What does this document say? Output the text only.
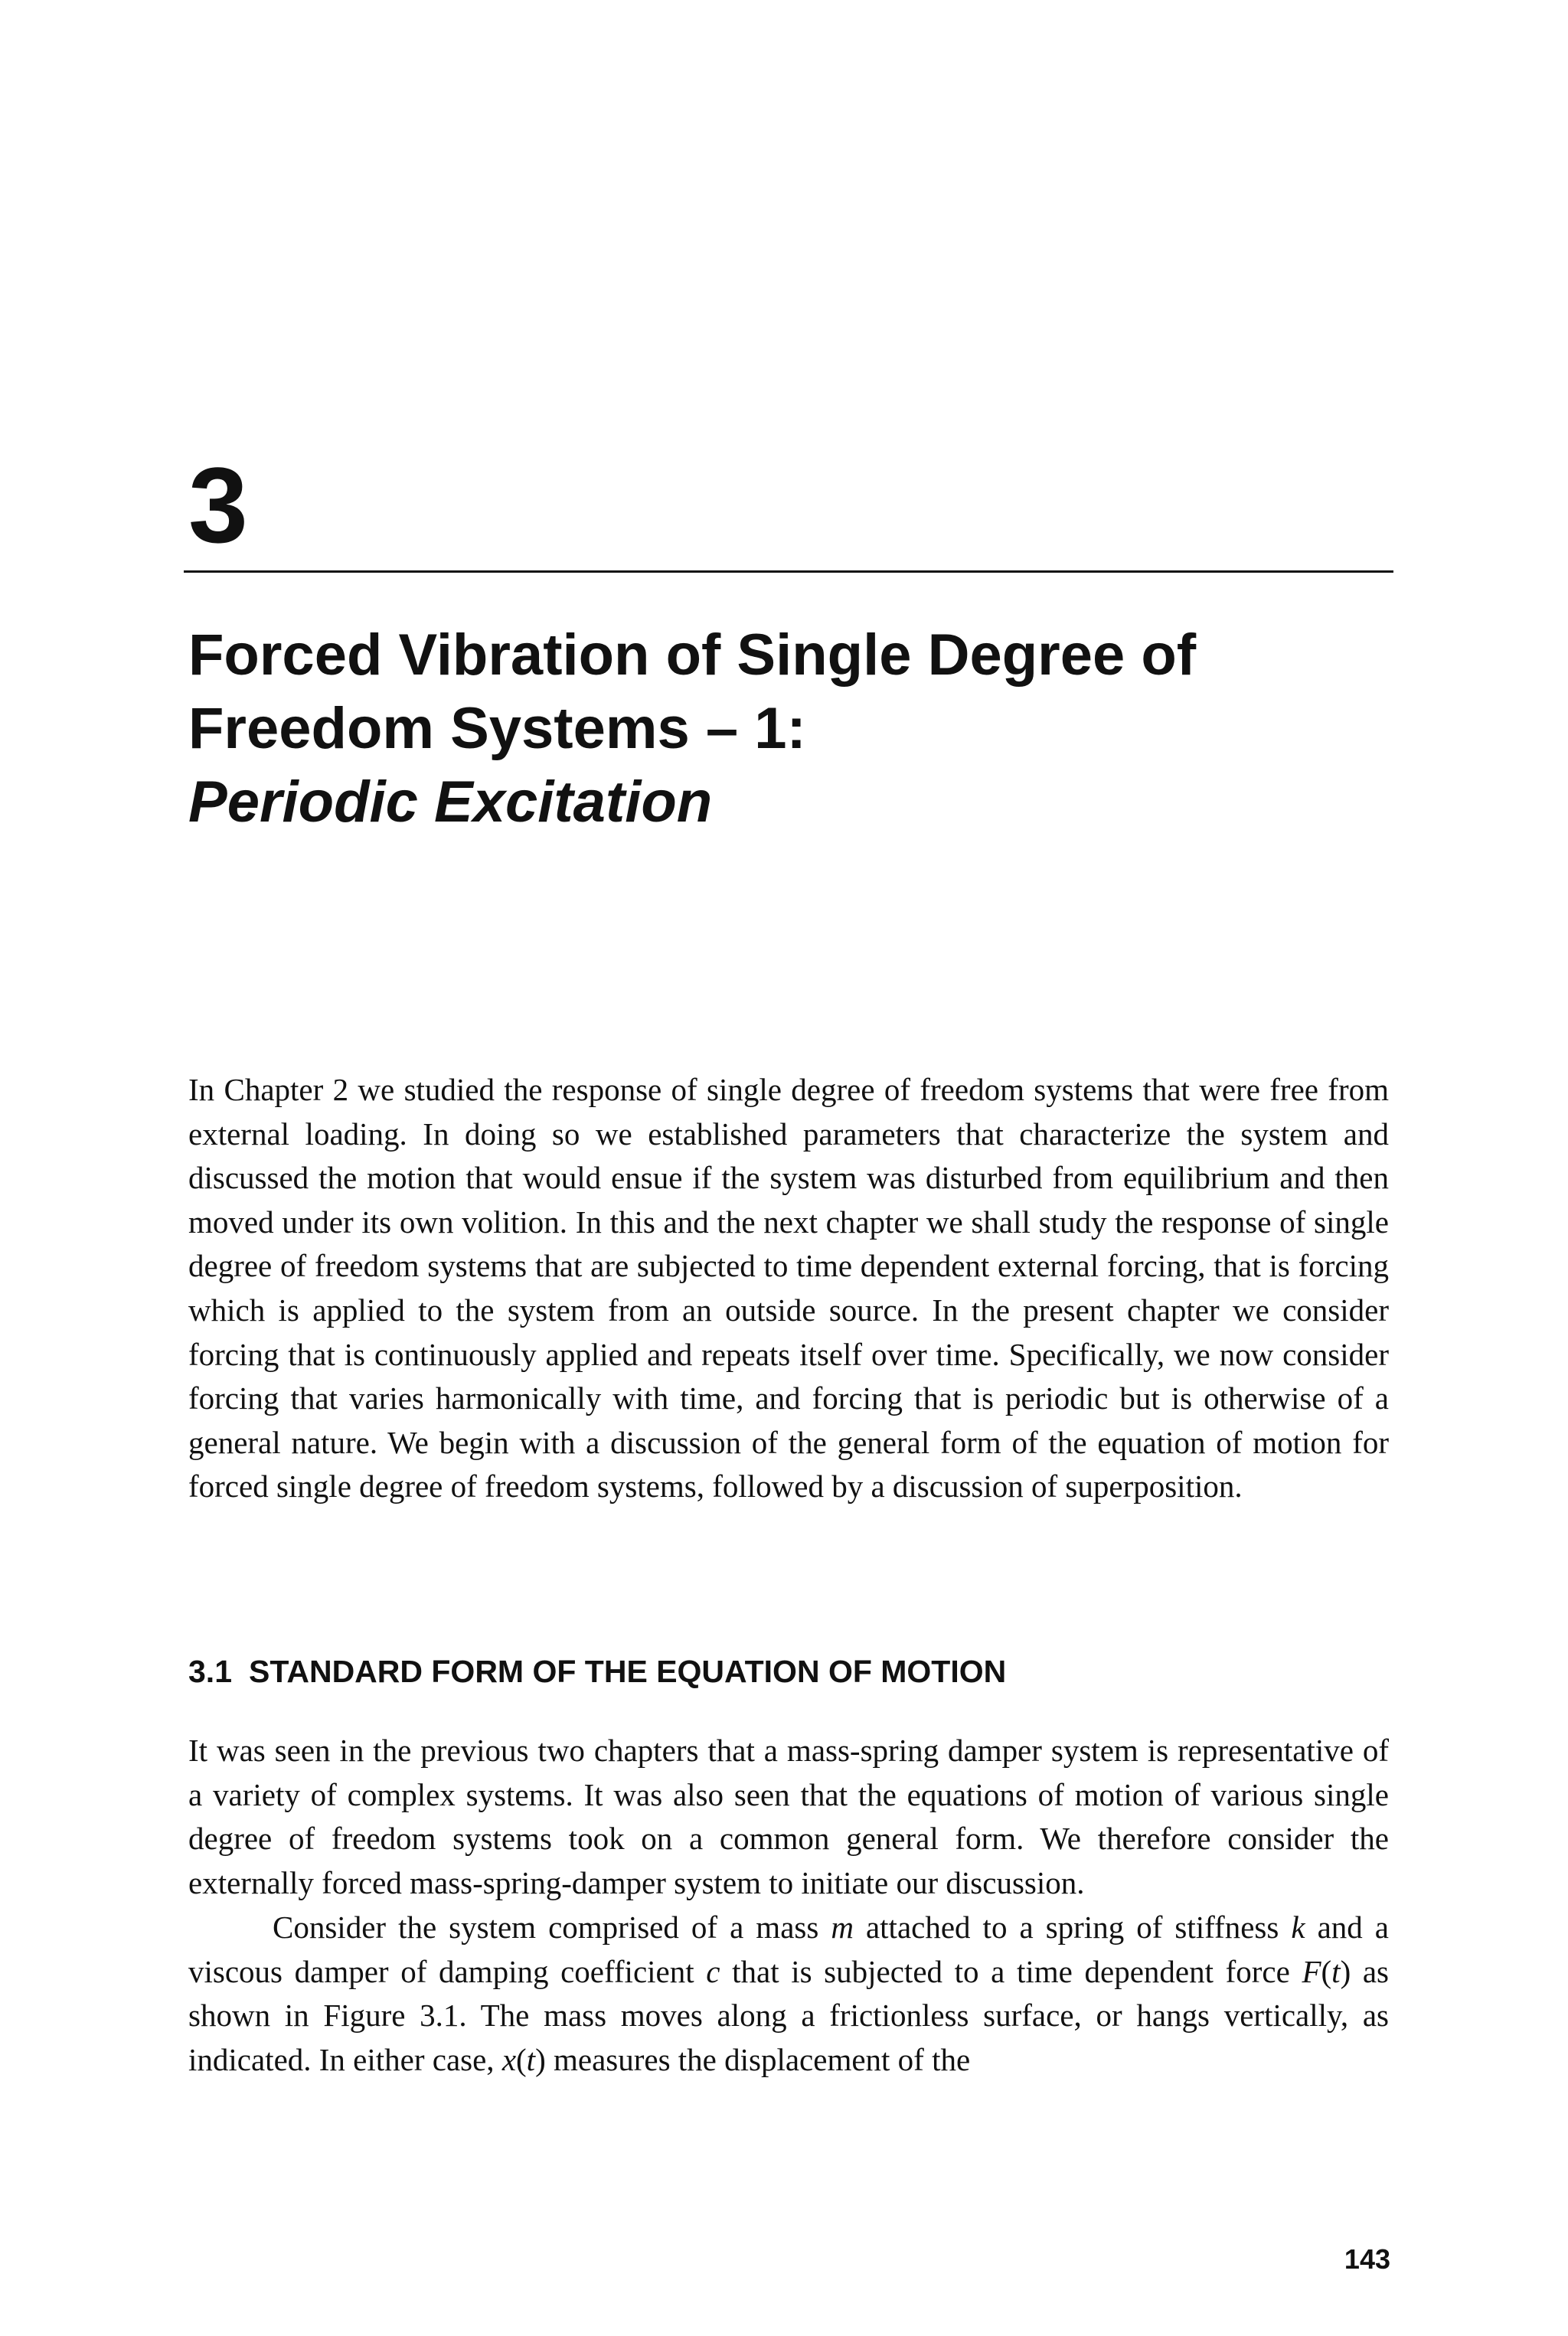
3
Forced Vibration of Single Degree of
Freedom Systems – 1:
Periodic Excitation

In Chapter 2 we studied the response of single degree of freedom systems that were free from external loading. In doing so we established parameters that characterize the system and discussed the motion that would ensue if the system was disturbed from equilibrium and then moved under its own volition. In this and the next chapter we shall study the response of single degree of freedom systems that are subjected to time dependent external forcing, that is forcing which is applied to the system from an outside source. In the present chapter we consider forcing that is continuously applied and repeats itself over time. Specifically, we now consider forcing that varies harmonically with time, and forcing that is periodic but is otherwise of a general nature. We begin with a discussion of the general form of the equation of motion for forced single degree of freedom systems, followed by a discussion of superposition.

3.1 STANDARD FORM OF THE EQUATION OF MOTION

It was seen in the previous two chapters that a mass-spring damper system is representative of a variety of complex systems. It was also seen that the equations of motion of various single degree of freedom systems took on a common general form. We therefore consider the externally forced mass-spring-damper system to initiate our discussion.

Consider the system comprised of a mass m attached to a spring of stiffness k and a viscous damper of damping coefficient c that is subjected to a time dependent force F(t) as shown in Figure 3.1. The mass moves along a frictionless surface, or hangs vertically, as indicated. In either case, x(t) measures the displacement of the

143
